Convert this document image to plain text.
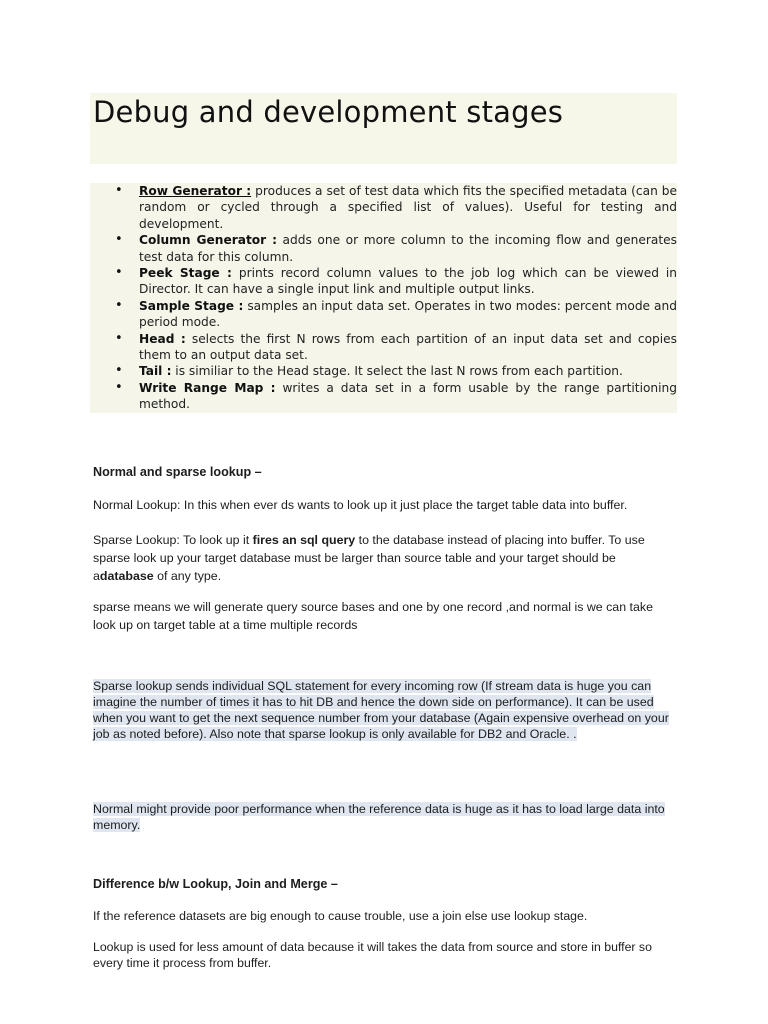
Debug and development stages
• Row Generator : produces a set of test data which fits the specified metadata (can be random or cycled through a specified list of values). Useful for testing and development.
• Column Generator : adds one or more column to the incoming flow and generates test data for this column.
• Peek Stage : prints record column values to the job log which can be viewed in Director. It can have a single input link and multiple output links.
• Sample Stage : samples an input data set. Operates in two modes: percent mode and period mode.
• Head : selects the first N rows from each partition of an input data set and copies them to an output data set.
• Tail : is similiar to the Head stage. It select the last N rows from each partition.
• Write Range Map : writes a data set in a form usable by the range partitioning method.
Normal and sparse lookup –
Normal Lookup: In this when ever ds wants to look up it just place the target table data into buffer.
Sparse Lookup: To look up it fires an sql query to the database instead of placing into buffer. To use sparse look up your target database must be larger than source table and your target should be adatabase of any type.
sparse means we will generate query source bases and one by one record ,and normal is we can take look up on target table at a time multiple records
Sparse lookup sends individual SQL statement for every incoming row (If stream data is huge you can imagine the number of times it has to hit DB and hence the down side on performance). It can be used when you want to get the next sequence number from your database (Again expensive overhead on your job as noted before). Also note that sparse lookup is only available for DB2 and Oracle. .
Normal might provide poor performance when the reference data is huge as it has to load large data into memory.
Difference b/w Lookup, Join and Merge –
If the reference datasets are big enough to cause trouble, use a join else use lookup stage.
Lookup is used for less amount of data because it will takes the data from source and store in buffer so every time it process from buffer.
